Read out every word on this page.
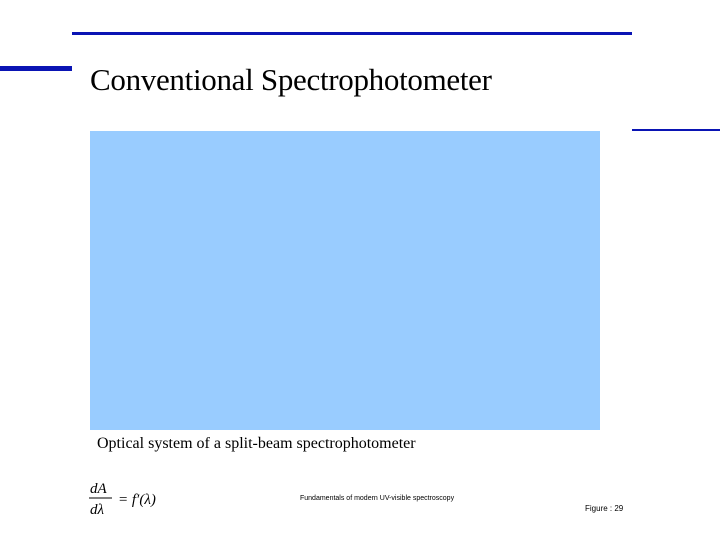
Conventional Spectrophotometer
Optical system of a split-beam spectrophotometer
dA
dλ
= f′(λ)	Fundamentals of modern UV-visible spectroscopy
Figure : 29
